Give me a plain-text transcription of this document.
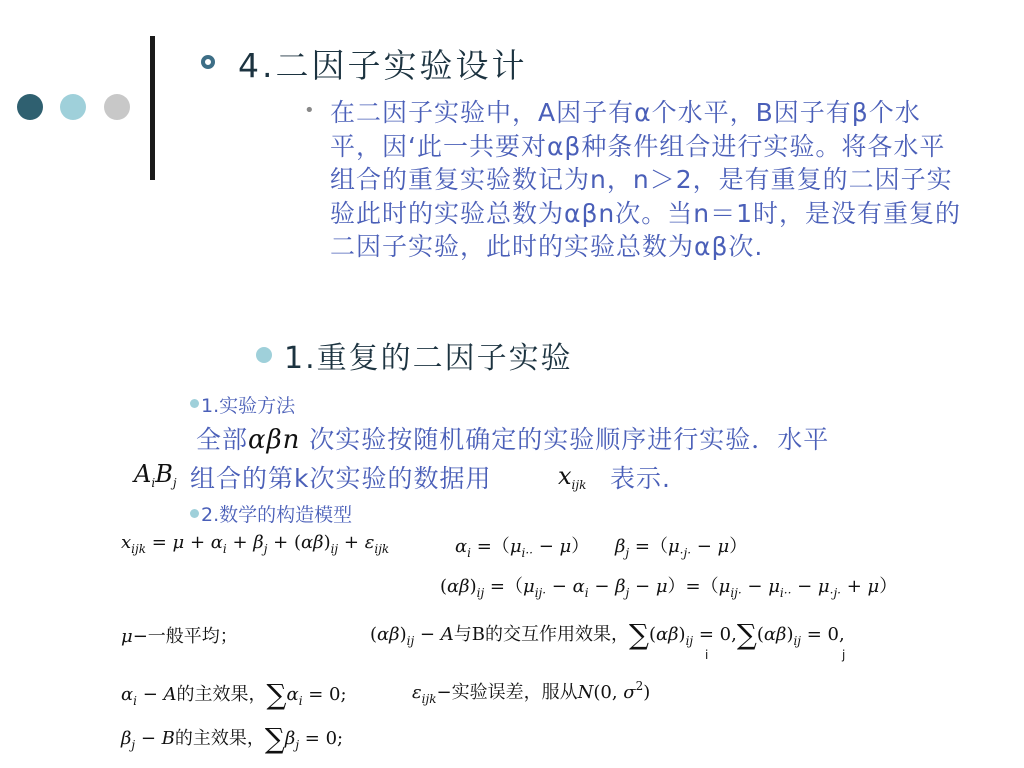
4.二因子实验设计
• 在二因子实验中，A因子有α个水平，B因子有β个水平，因‘此一共要对αβ种条件组合进行实验。将各水平组合的重复实验数记为n，n＞2，是有重复的二因子实验此时的实验总数为αβn次。当n＝1时，是没有重复的二因子实验，此时的实验总数为αβ次.
1.重复的二因子实验
1.实验方法
全部αβn 次实验按随机确定的实验顺序进行实验．水平
$A_iB_j$ 组合的第k次实验的数据用	$x_{ijk}$ 表示.
2.数学的构造模型
$x_{ijk} = \mu + \alpha_i + \beta_j + (\alpha\beta)_{ij} + \varepsilon_{ijk}$	$\alpha_i =(\mu_{i\cdot\cdot} - \mu)$ $\beta_j =(\mu_{\cdot j\cdot} - \mu)$
$(\alpha\beta)_{ij} =(\mu_{ij\cdot} - \alpha_i - \beta_j - \mu)=(\mu_{ij\cdot} - \mu_{i\cdot\cdot} - \mu_{\cdot j\cdot} + \mu)$
μ−一般平均；	$(\alpha\beta)_{ij} - A$与B的交互作用效果，$\sum(\alpha\beta)_{ij} = 0,\sum(\alpha\beta)_{ij} = 0$,
i	j
$\alpha_i - A$的主效果，$\sum\alpha_i = 0$;	$\varepsilon_{ijk}-$实验误差，服从N(0, $\sigma^2$)
$\beta_j - B$的主效果，$\sum\beta_j = 0$;
